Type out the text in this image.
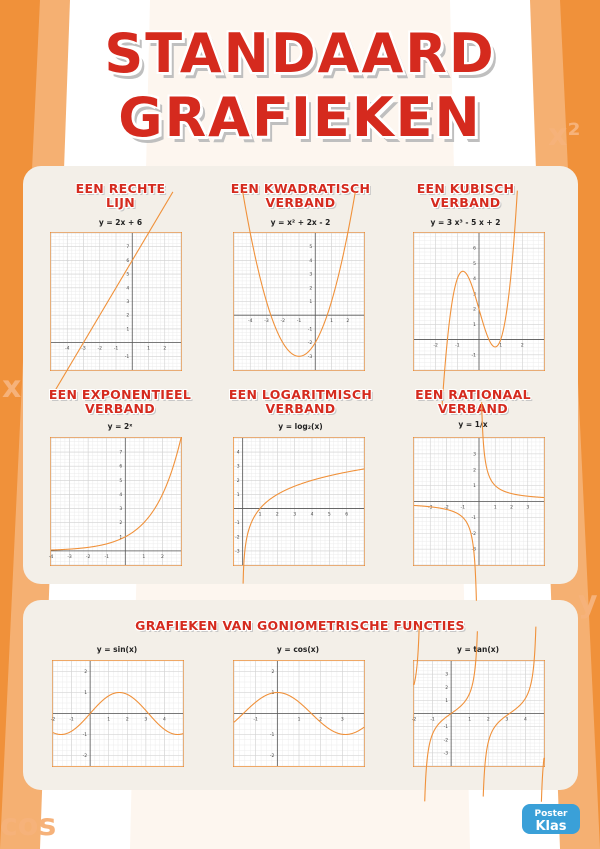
x²
x
y
cos
STANDAARD
GRAFIEKEN
EEN RECHTE
LIJN
y = 2x + 6
-4	-3	-2	-1	1	2
7
6
5
4
3
2
1
-1
EEN KWADRATISCH
VERBAND
y = x² + 2x - 2
-4	-3	-2	-1	1	2
5
4
3
2
1
-1
-2
-3
EEN KUBISCH
VERBAND
y = 3 x³ - 5 x + 2
-2	-1	1	2
6
5
4
3
2
1
-1
EEN EXPONENTIEEL
VERBAND
y = 2ˣ
-4	-3	-2	-1	1	2
7
6
5
4
3
2
1
EEN LOGARITMISCH
VERBAND
y = log₂(x)
1	2	3	4	5	6
4
3
2
1
-1
-2
-3
EEN RATIONAAL
VERBAND
y = 1/x
-3	-2	-1	1	2	3
3
2
1
-1
-2
-3
GRAFIEKEN VAN GONIOMETRISCHE FUNCTIES
y = sin(x)
-2	-1	1	2	3	4
2
1
-1
-2
y = cos(x)
-1	1	2	3
2
1
-1
-2
y = tan(x)
-2	-1	1	2	3	4
3
2
1
-1
-2
-3
Poster
Klas
